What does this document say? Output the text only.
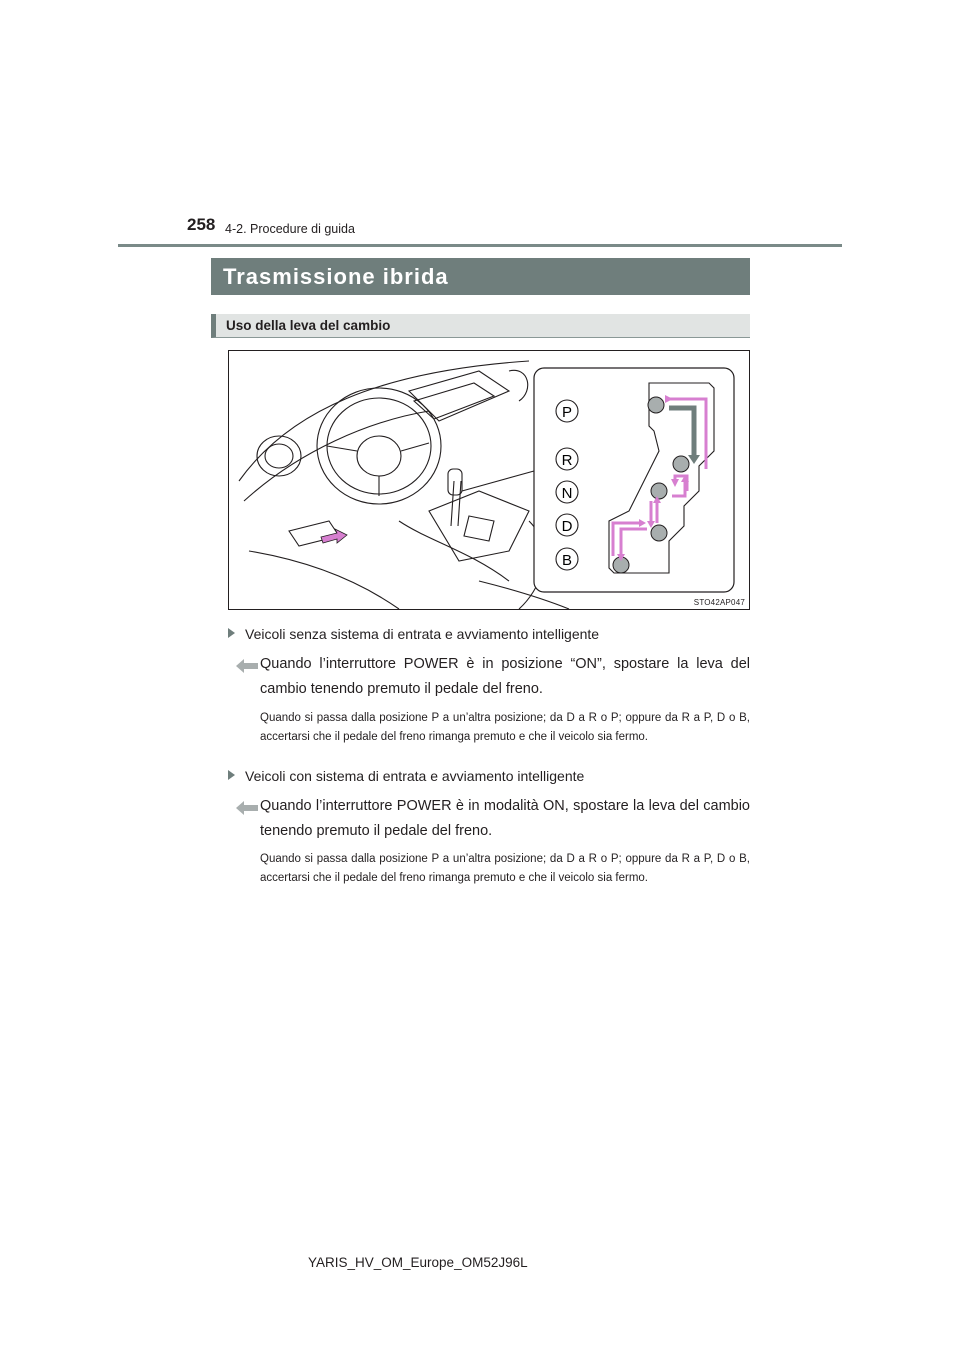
258 4-2. Procedure di guida
Trasmissione ibrida
Uso della leva del cambio
P
R
N
D
B
STO42AP047
Veicoli senza sistema di entrata e avviamento intelligente
Quando l’interruttore POWER è in posizione “ON”, spostare la leva del cambio tenendo premuto il pedale del freno.
Quando si passa dalla posizione P a un’altra posizione; da D a R o P; oppure da R a P, D o B, accertarsi che il pedale del freno rimanga premuto e che il veicolo sia fermo.
Veicoli con sistema di entrata e avviamento intelligente
Quando l’interruttore POWER è in modalità ON, spostare la leva del cambio tenendo premuto il pedale del freno.
Quando si passa dalla posizione P a un’altra posizione; da D a R o P; oppure da R a P, D o B, accertarsi che il pedale del freno rimanga premuto e che il veicolo sia fermo.
YARIS_HV_OM_Europe_OM52J96L
